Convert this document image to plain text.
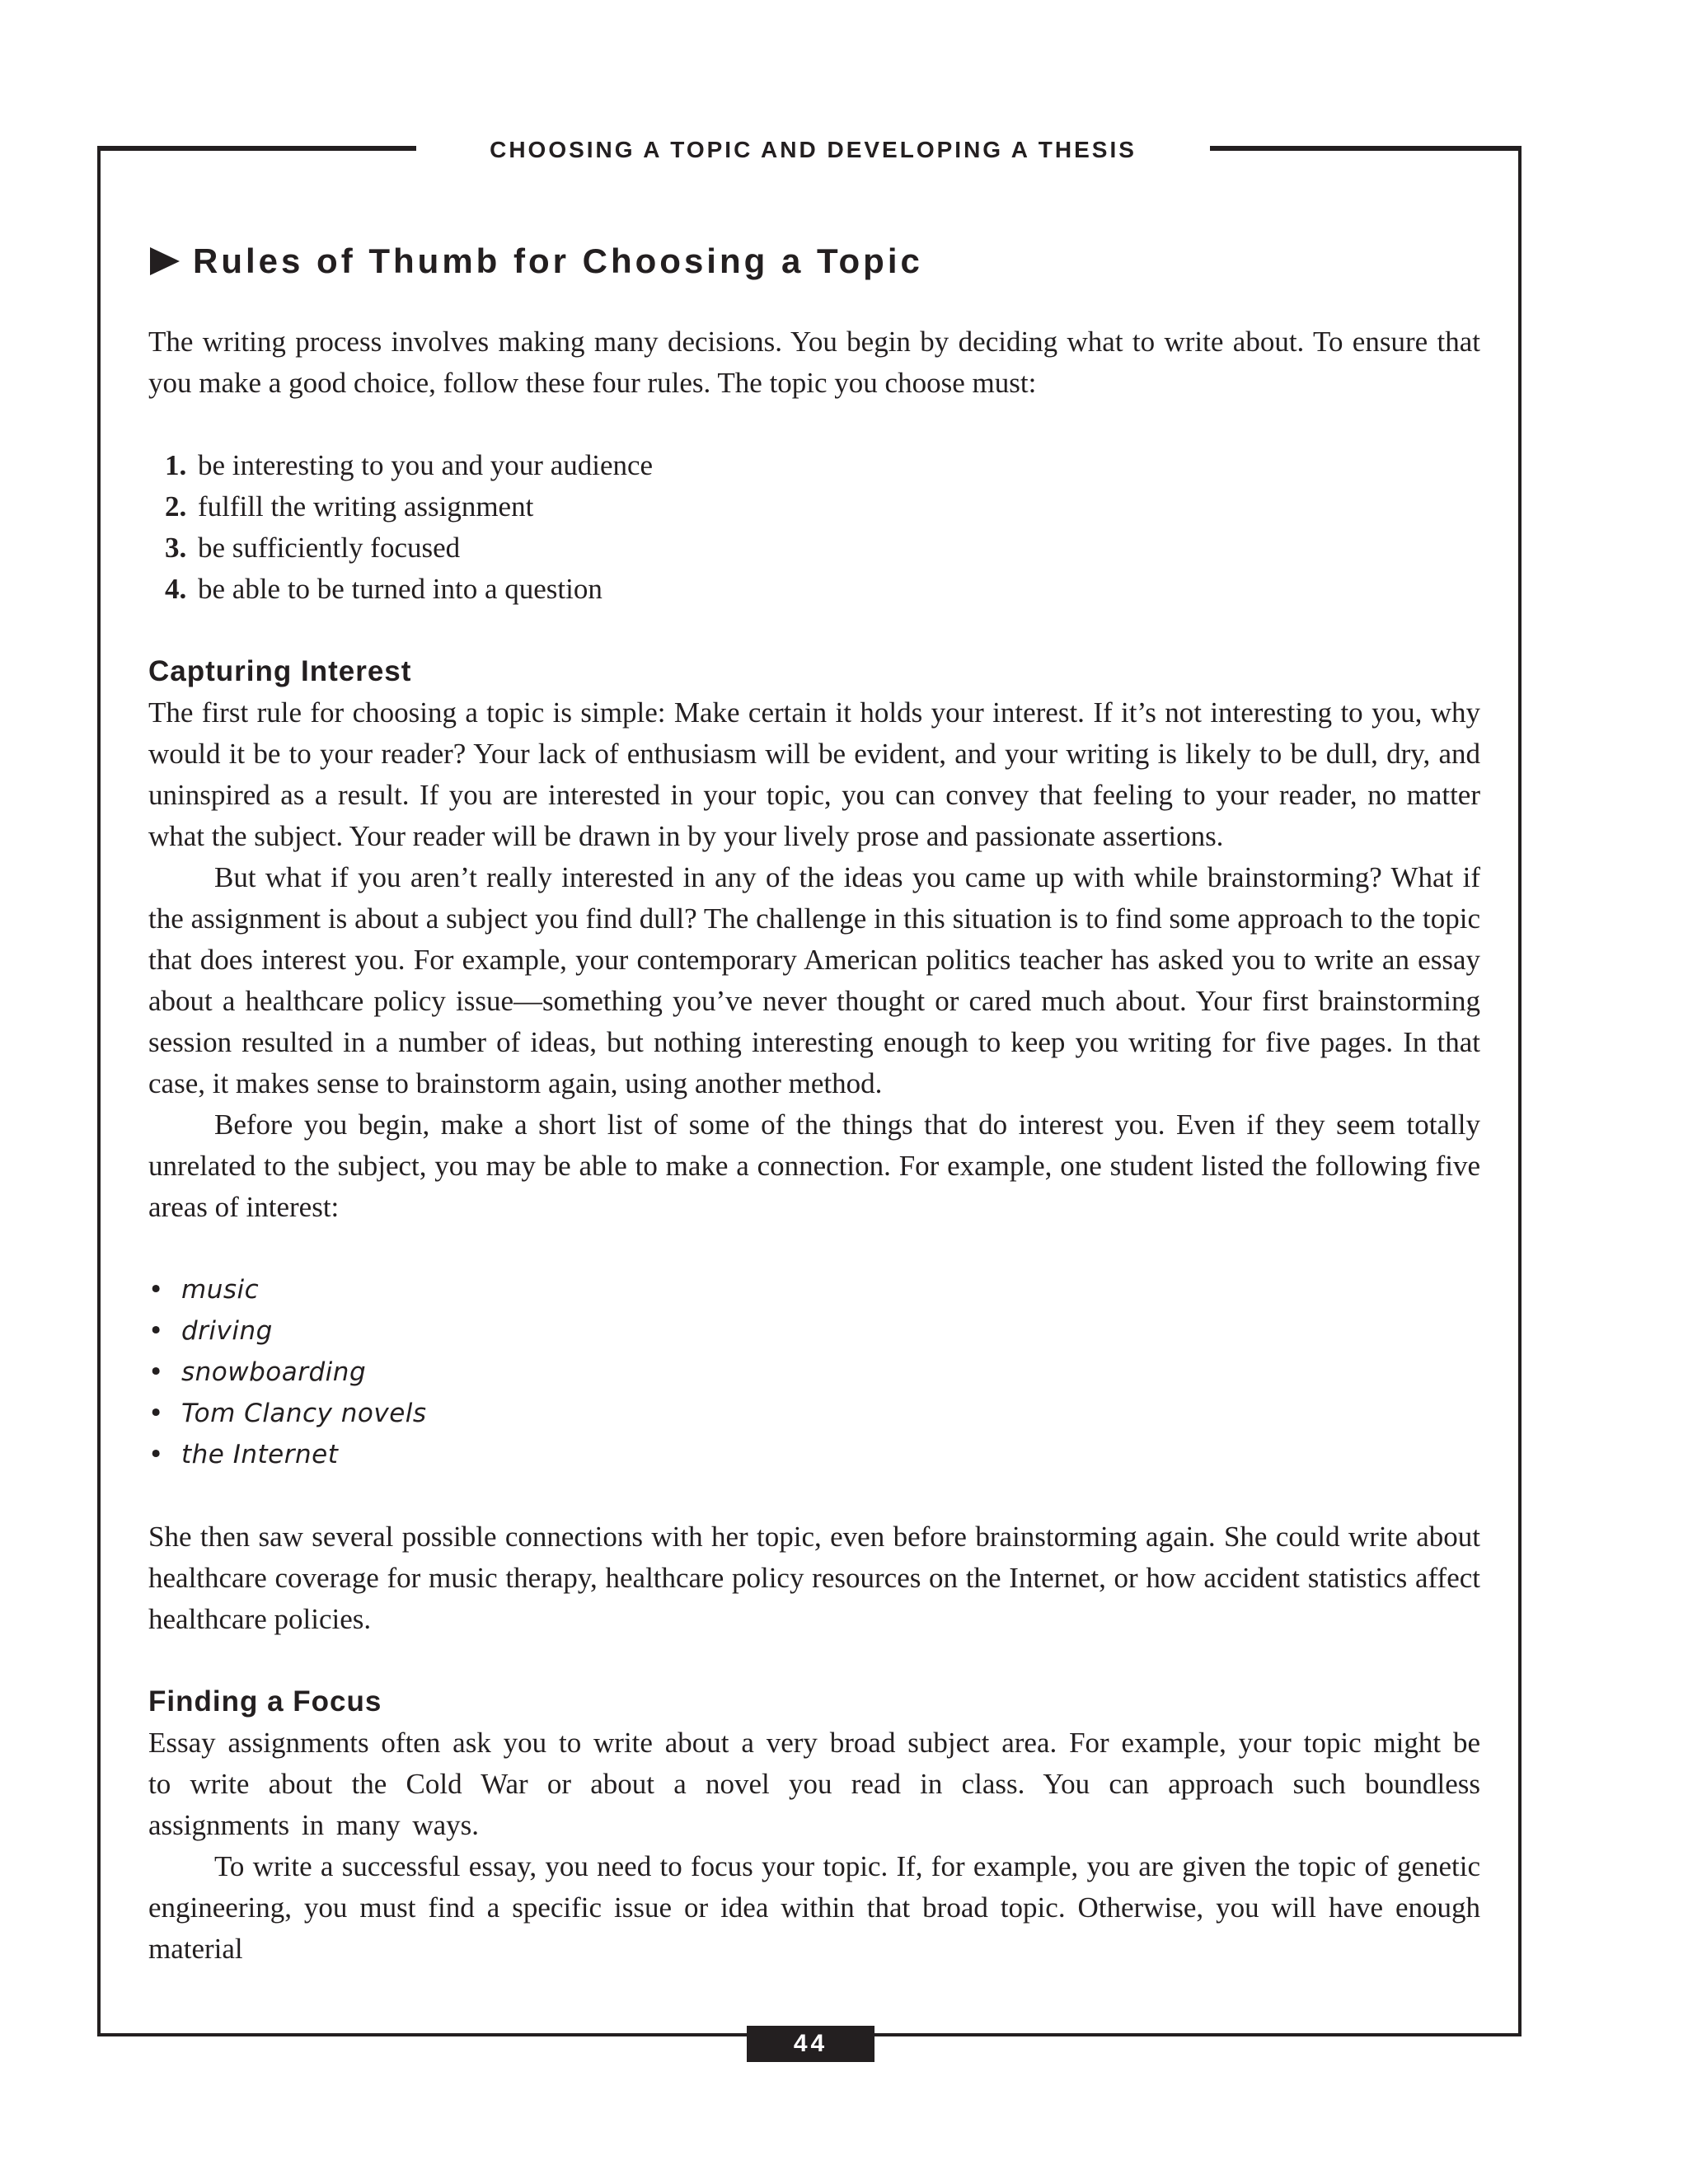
CHOOSING A TOPIC AND DEVELOPING A THESIS
Rules of Thumb for Choosing a Topic

The writing process involves making many decisions. You begin by deciding what to write about. To ensure that you make a good choice, follow these four rules. The topic you choose must:

1. be interesting to you and your audience
2. fulfill the writing assignment
3. be sufficiently focused
4. be able to be turned into a question
Capturing Interest

The first rule for choosing a topic is simple: Make certain it holds your interest. If it’s not interesting to you, why would it be to your reader? Your lack of enthusiasm will be evident, and your writing is likely to be dull, dry, and uninspired as a result. If you are interested in your topic, you can convey that feeling to your reader, no matter what the subject. Your reader will be drawn in by your lively prose and passionate assertions.

But what if you aren’t really interested in any of the ideas you came up with while brainstorming? What if the assignment is about a subject you find dull? The challenge in this situation is to find some approach to the topic that does interest you. For example, your contemporary American politics teacher has asked you to write an essay about a healthcare policy issue—something you’ve never thought or cared much about. Your first brainstorming session resulted in a number of ideas, but nothing interesting enough to keep you writing for five pages. In that case, it makes sense to brainstorm again, using another method.

Before you begin, make a short list of some of the things that do interest you. Even if they seem totally unrelated to the subject, you may be able to make a connection. For example, one student listed the following five areas of interest:

• music
• driving
• snowboarding
• Tom Clancy novels
• the Internet

She then saw several possible connections with her topic, even before brainstorming again. She could write about healthcare coverage for music therapy, healthcare policy resources on the Internet, or how accident statistics affect healthcare policies.

Finding a Focus

Essay assignments often ask you to write about a very broad subject area. For example, your topic might be to write about the Cold War or about a novel you read in class. You can approach such boundless assignments in many ways.

To write a successful essay, you need to focus your topic. If, for example, you are given the topic of genetic engineering, you must find a specific issue or idea within that broad topic. Otherwise, you will have enough material

44
